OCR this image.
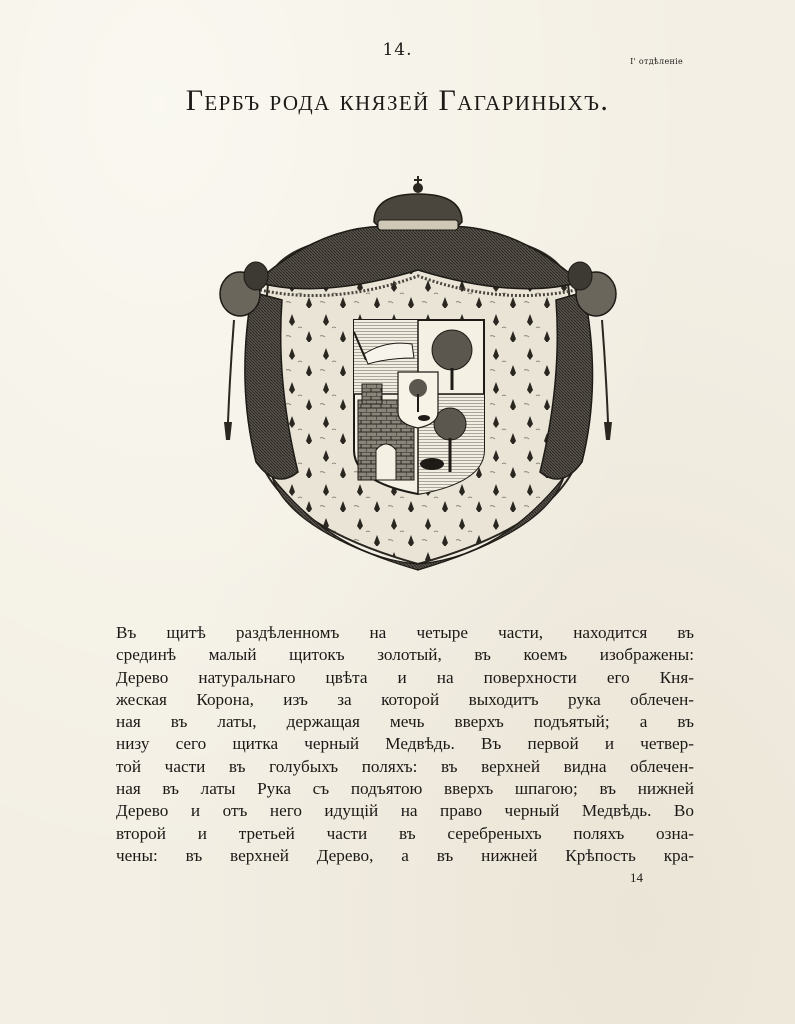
14.
I' отдѣленіе
Гербъ рода князей Гагариныхъ.
Въ щитѣ раздѣленномъ на четыре части, находится въ
срединѣ малый щитокъ золотый, въ коемъ изображены:
Дерево натуральнаго цвѣта и на поверхности его Кня-
жеская Корона, изъ за которой выходитъ рука облечен-
ная въ латы, держащая мечь вверхъ подъятый; а въ
низу сего щитка черный Медвѣдь. Въ первой и четвер-
той части въ голубыхъ поляхъ: въ верхней видна облечен-
ная въ латы Рука съ подъятою вверхъ шпагою; въ нижней
Дерево и отъ него идущій на право черный Медвѣдь. Во
второй и третьей части въ серебреныхъ поляхъ озна-
чены: въ верхней Дерево, а въ нижней Крѣпость кра-
14
